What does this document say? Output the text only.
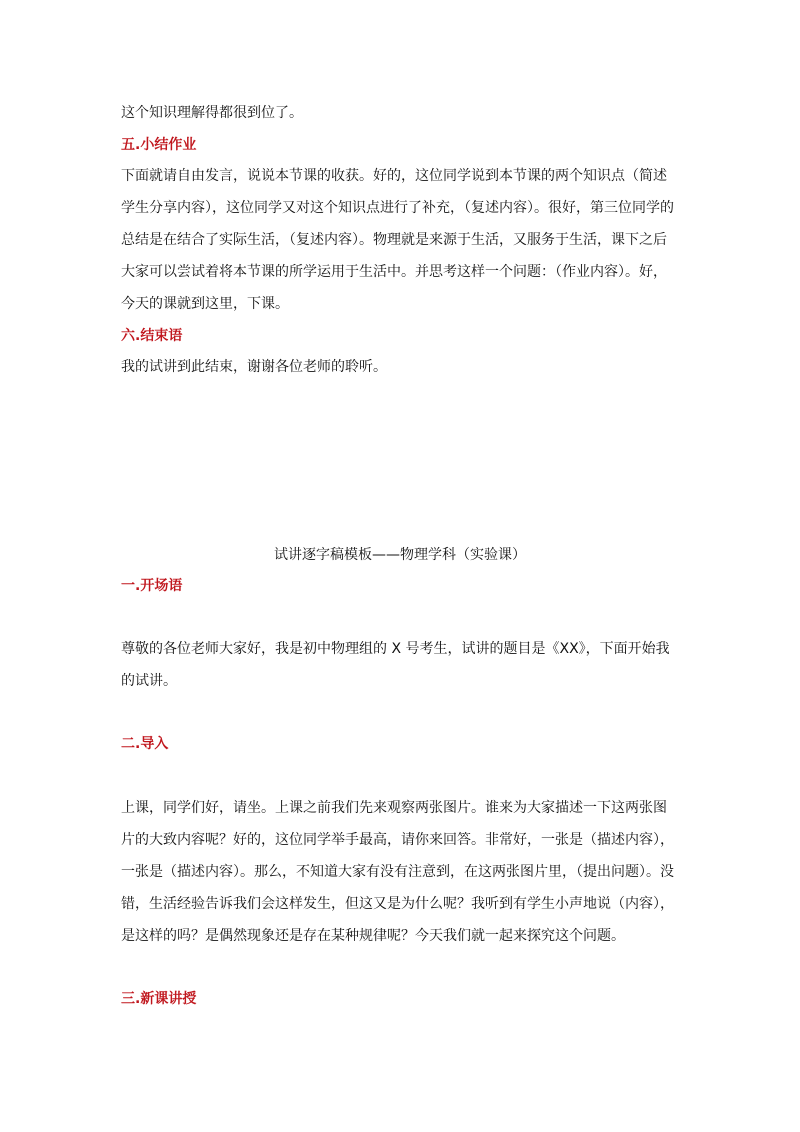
这个知识理解得都很到位了。
五.小结作业
下面就请自由发言，说说本节课的收获。好的，这位同学说到本节课的两个知识点（简述
学生分享内容），这位同学又对这个知识点进行了补充，（复述内容）。很好，第三位同学的
总结是在结合了实际生活，（复述内容）。物理就是来源于生活，又服务于生活，课下之后
大家可以尝试着将本节课的所学运用于生活中。并思考这样一个问题：（作业内容）。好，
今天的课就到这里，下课。
六.结束语
我的试讲到此结束，谢谢各位老师的聆听。
试讲逐字稿模板——物理学科（实验课）
一.开场语
尊敬的各位老师大家好，我是初中物理组的 X 号考生，试讲的题目是《XX》，下面开始我
的试讲。
二.导入
上课，同学们好，请坐。上课之前我们先来观察两张图片。谁来为大家描述一下这两张图
片的大致内容呢？好的，这位同学举手最高，请你来回答。非常好，一张是（描述内容），
一张是（描述内容）。那么，不知道大家有没有注意到，在这两张图片里，（提出问题）。没
错，生活经验告诉我们会这样发生，但这又是为什么呢？我听到有学生小声地说（内容），
是这样的吗？是偶然现象还是存在某种规律呢？今天我们就一起来探究这个问题。
三.新课讲授
